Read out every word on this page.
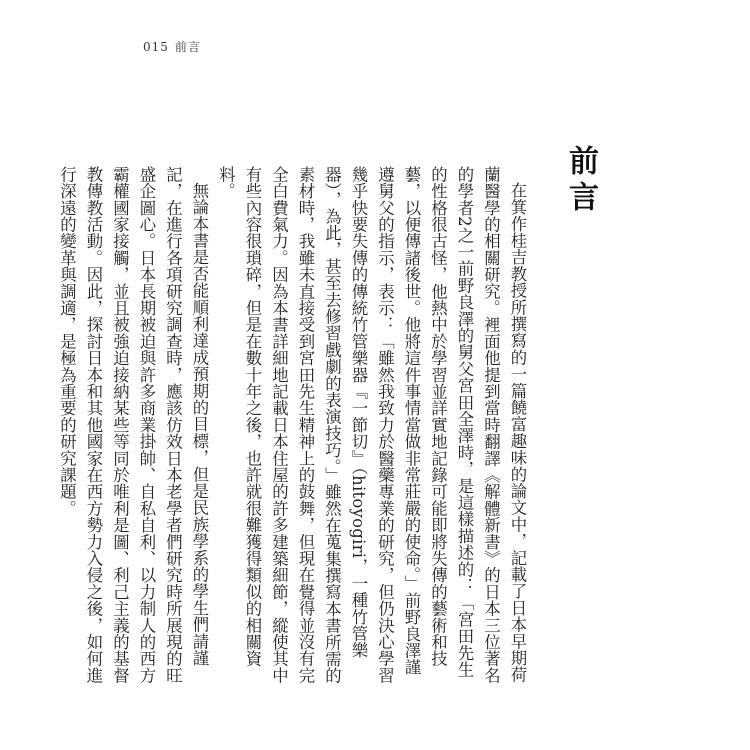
015 前言
前言

在箕作桂吉教授所撰寫的一篇饒富趣味的論文中，記載了日本早期荷蘭醫學的相關研究。裡面他提到當時翻譯《解體新書》的日本三位著名的學者2之一前野良澤的舅父宮田全澤時，是這樣描述的：「宮田先生的性格很古怪，他熱中於學習並詳實地記錄可能即將失傳的藝術和技藝，以便傳諸後世。他將這件事情當做非常莊嚴的使命。」前野良澤謹遵舅父的指示，表示：「雖然我致力於醫藥專業的研究，但仍決心學習幾乎快要失傳的傳統竹管樂器『一節切』（hitoyogiri，一種竹管樂器），為此，甚至去修習戲劇的表演技巧。」雖然在蒐集撰寫本書所需的素材時，我雖未直接受到宮田先生精神上的鼓舞，但現在覺得並沒有完全白費氣力。因為本書詳細地記載日本住屋的許多建築細節，縱使其中有些內容很瑣碎，但是在數十年之後，也許就很難獲得類似的相關資料。

無論本書是否能順利達成預期的目標，但是民族學系的學生們請謹記，在進行各項研究調查時，應該仿效日本老學者們研究時所展現的旺盛企圖心。日本長期被迫與許多商業掛帥、自私自利、以力制人的西方霸權國家接觸，並且被強迫接納某些等同於唯利是圖、利己主義的基督教傳教活動。因此，探討日本和其他國家在西方勢力入侵之後，如何進行深遠的變革與調適，是極為重要的研究課題。
